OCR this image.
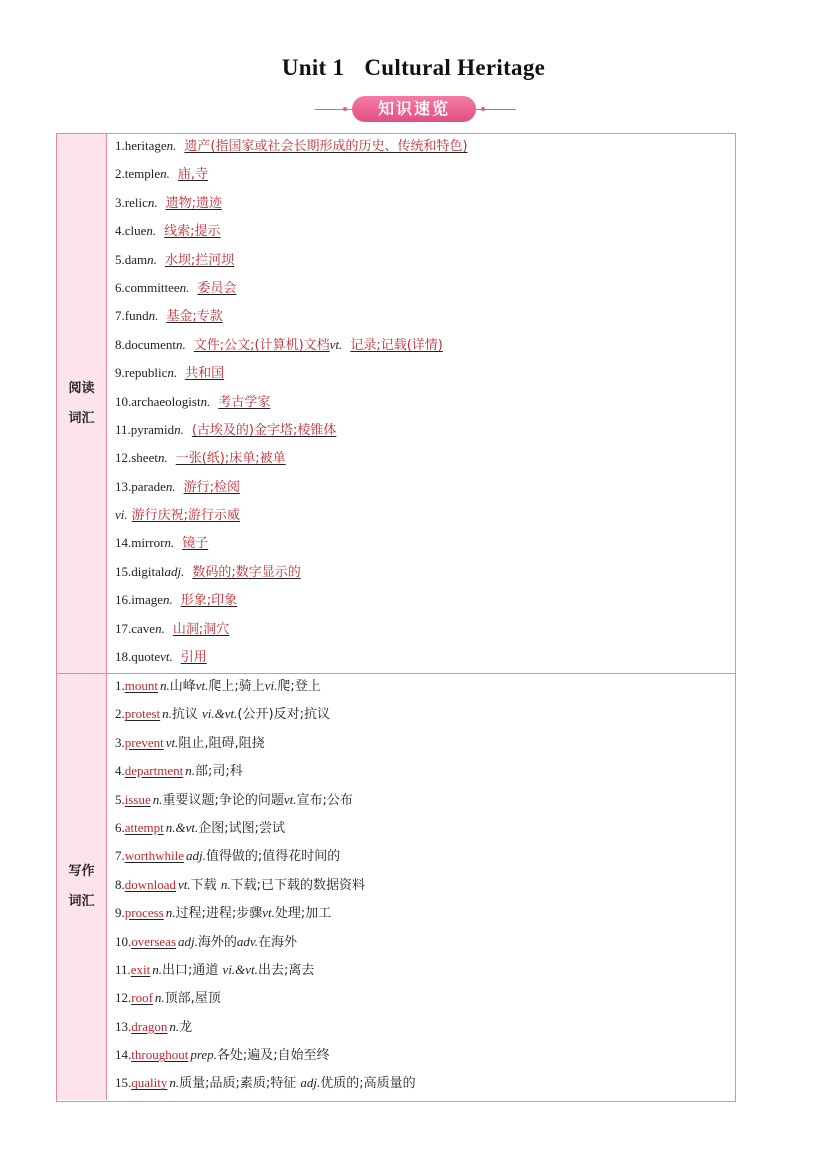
Unit 1 Cultural Heritage
知识速览
阅读
词汇
1.heritagen. 遗产(指国家或社会长期形成的历史、传统和特色)
2.templen. 庙,寺
3.relicn. 遗物;遗迹
4.cluen. 线索;提示
5.damn. 水坝;拦河坝
6.committeen. 委员会
7.fundn. 基金;专款
8.documentn. 文件;公文;(计算机)文档vt. 记录;记载(详情)
9.republicn. 共和国
10.archaeologistn. 考古学家
11.pyramidn. (古埃及的)金字塔;棱锥体
12.sheetn. 一张(纸);床单;被单
13.paraden. 游行;检阅
vi. 游行庆祝;游行示威
14.mirrorn. 镜子
15.digitaladj. 数码的;数字显示的
16.imagen. 形象;印象
17.caven. 山洞;洞穴
18.quotevt. 引用
写作
词汇
1.mount n.山峰vt.爬上;骑上vi.爬;登上
2.protest n.抗议 vi.&vt.(公开)反对;抗议
3.prevent vt.阻止,阻碍,阻挠
4.department n.部;司;科
5.issue n.重要议题;争论的问题vt.宣布;公布
6.attempt n.&vt.企图;试图;尝试
7.worthwhile adj.值得做的;值得花时间的
8.download vt.下载 n.下载;已下载的数据资料
9.process n.过程;进程;步骤vt.处理;加工
10.overseas adj.海外的adv.在海外
11.exit n.出口;通道 vi.&vt.出去;离去
12.roof n.顶部,屋顶
13.dragon n.龙
14.throughout prep.各处;遍及;自始至终
15.quality n.质量;品质;素质;特征 adj.优质的;高质量的
